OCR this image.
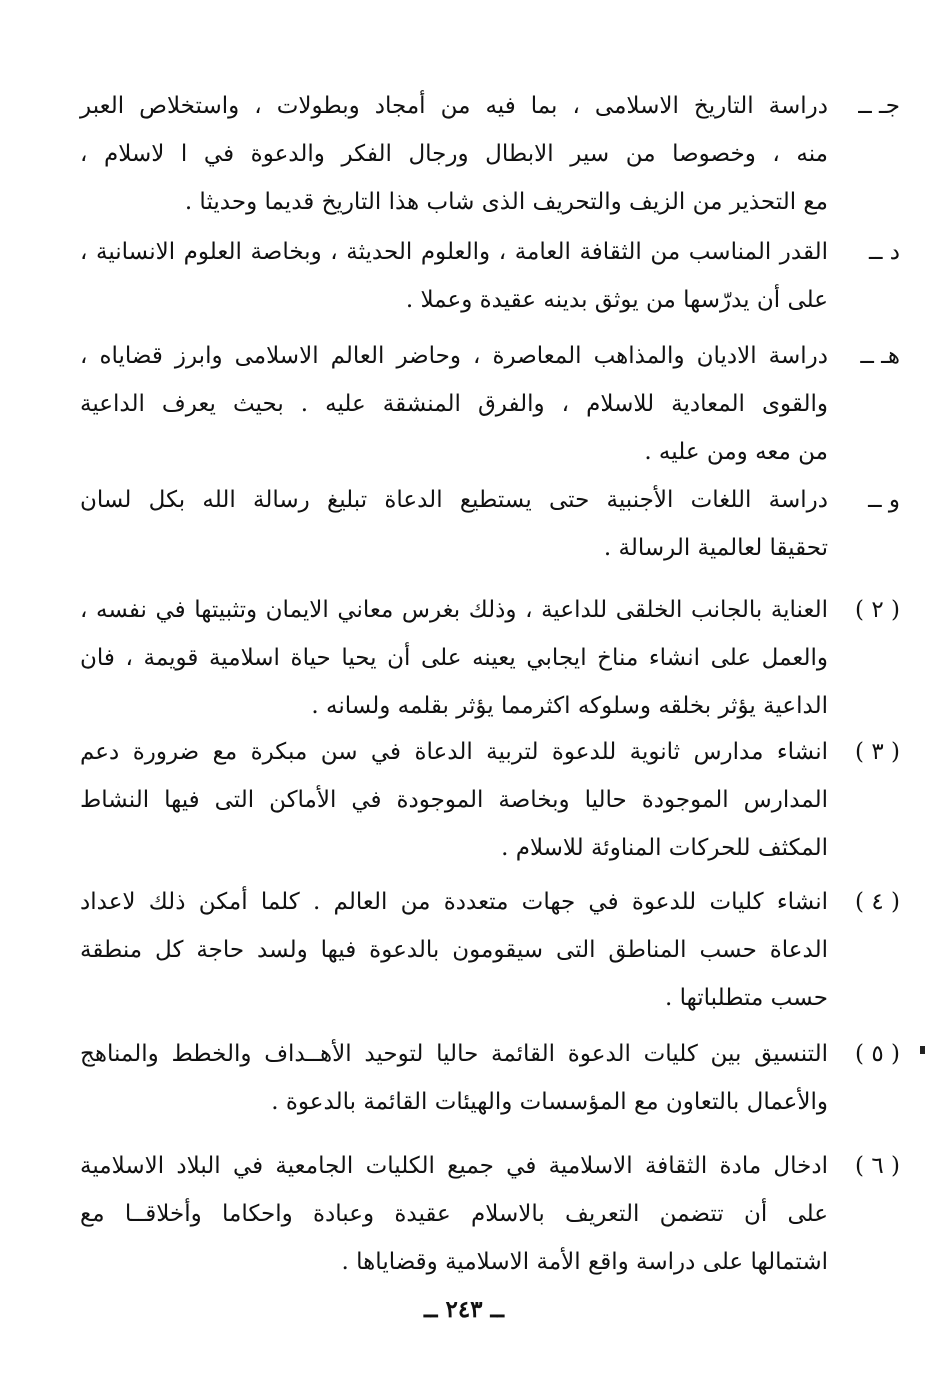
جـ ــ
دراسة التاريخ الاسلامى ، بما فيه من أمجاد وبطولات ، واستخلاص العبر
منه ، وخصوصا من سير الابطال ورجال الفكر والدعوة في ا لاسلام ،
مع التحذير من الزيف والتحريف الذى شاب هذا التاريخ قديما وحديثا .
د ــ
القدر المناسب من الثقافة العامة ، والعلوم الحديثة ، وبخاصة العلوم الانسانية ،
على أن يدرّسها من يوثق بدينه عقيدة وعملا .
هـ ــ
دراسة الاديان والمذاهب المعاصرة ، وحاضر العالم الاسلامى وابرز قضاياه ،
والقوى المعادية للاسلام ، والفرق المنشقة عليه . بحيث يعرف الداعية
من معه ومن عليه .
و ــ
دراسة اللغات الأجنبية حتى يستطيع الدعاة تبليغ رسالة الله بكل لسان
تحقيقا لعالمية الرسالة .
( ٢ )
العناية بالجانب الخلقى للداعية ، وذلك بغرس معاني الايمان وتثبيتها في نفسه ،
والعمل على انشاء مناخ ايجابي يعينه على أن يحيا حياة اسلامية قويمة ، فان
الداعية يؤثر بخلقه وسلوكه اكثرمما يؤثر بقلمه ولسانه .
( ٣ )
انشاء مدارس ثانوية للدعوة لتربية الدعاة في سن مبكرة مع ضرورة دعم
المدارس الموجودة حاليا وبخاصة الموجودة في الأماكن التى فيها النشاط
المكثف للحركات المناوئة للاسلام .
( ٤ )
انشاء كليات للدعوة في جهات متعددة من العالم . كلما أمكن ذلك لاعداد
الدعاة حسب المناطق التى سيقومون بالدعوة فيها ولسد حاجة كل منطقة
حسب متطلباتها .
( ٥ )
التنسيق بين كليات الدعوة القائمة حاليا لتوحيد الأهــداف والخطط والمناهج
والأعمال بالتعاون مع المؤسسات والهيئات القائمة بالدعوة .
( ٦ )
ادخال مادة الثقافة الاسلامية في جميع الكليات الجامعية في البلاد الاسلامية
على أن تتضمن التعريف بالاسلام عقيدة وعبادة واحكاما وأخلاقــا مع
اشتمالها على دراسة واقع الأمة الاسلامية وقضاياها .
ــ ٢٤٣ ــ
